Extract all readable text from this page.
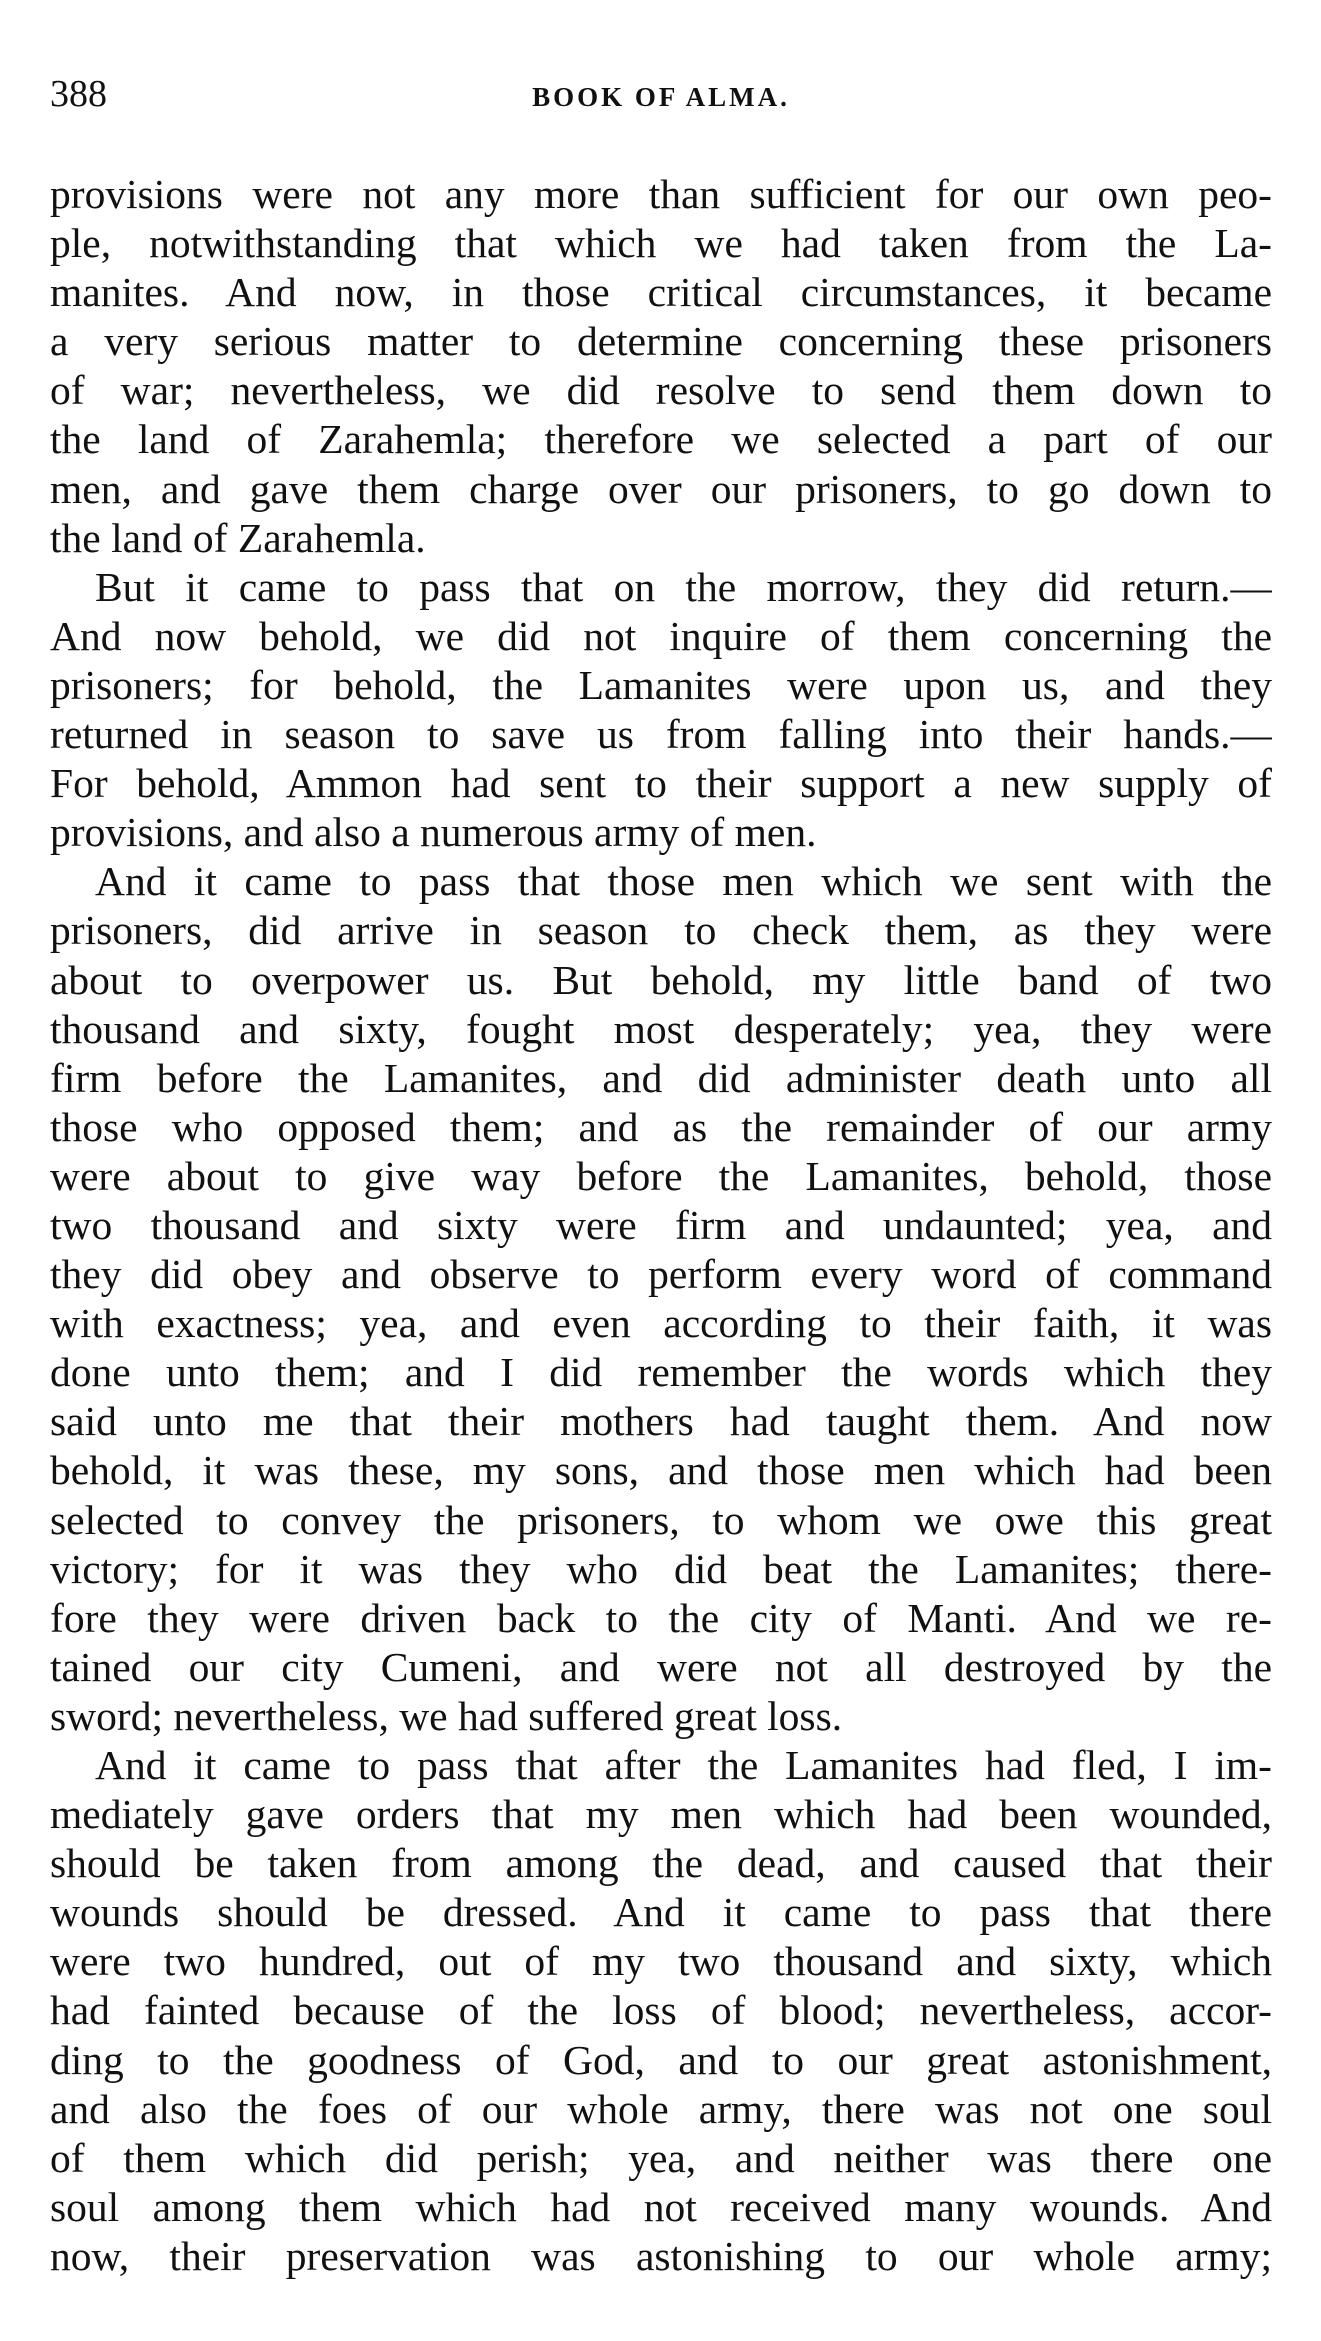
388	BOOK OF ALMA.
provisions were not any more than sufficient for our own peo-
ple, notwithstanding that which we had taken from the La-
manites. And now, in those critical circumstances, it became
a very serious matter to determine concerning these prisoners
of war; nevertheless, we did resolve to send them down to
the land of Zarahemla; therefore we selected a part of our
men, and gave them charge over our prisoners, to go down to
the land of Zarahemla.
But it came to pass that on the morrow, they did return.—
And now behold, we did not inquire of them concerning the
prisoners; for behold, the Lamanites were upon us, and they
returned in season to save us from falling into their hands.—
For behold, Ammon had sent to their support a new supply of
provisions, and also a numerous army of men.
And it came to pass that those men which we sent with the
prisoners, did arrive in season to check them, as they were
about to overpower us. But behold, my little band of two
thousand and sixty, fought most desperately; yea, they were
firm before the Lamanites, and did administer death unto all
those who opposed them; and as the remainder of our army
were about to give way before the Lamanites, behold, those
two thousand and sixty were firm and undaunted; yea, and
they did obey and observe to perform every word of command
with exactness; yea, and even according to their faith, it was
done unto them; and I did remember the words which they
said unto me that their mothers had taught them. And now
behold, it was these, my sons, and those men which had been
selected to convey the prisoners, to whom we owe this great
victory; for it was they who did beat the Lamanites; there-
fore they were driven back to the city of Manti. And we re-
tained our city Cumeni, and were not all destroyed by the
sword; nevertheless, we had suffered great loss.
And it came to pass that after the Lamanites had fled, I im-
mediately gave orders that my men which had been wounded,
should be taken from among the dead, and caused that their
wounds should be dressed. And it came to pass that there
were two hundred, out of my two thousand and sixty, which
had fainted because of the loss of blood; nevertheless, accor-
ding to the goodness of God, and to our great astonishment,
and also the foes of our whole army, there was not one soul
of them which did perish; yea, and neither was there one
soul among them which had not received many wounds. And
now, their preservation was astonishing to our whole army;
